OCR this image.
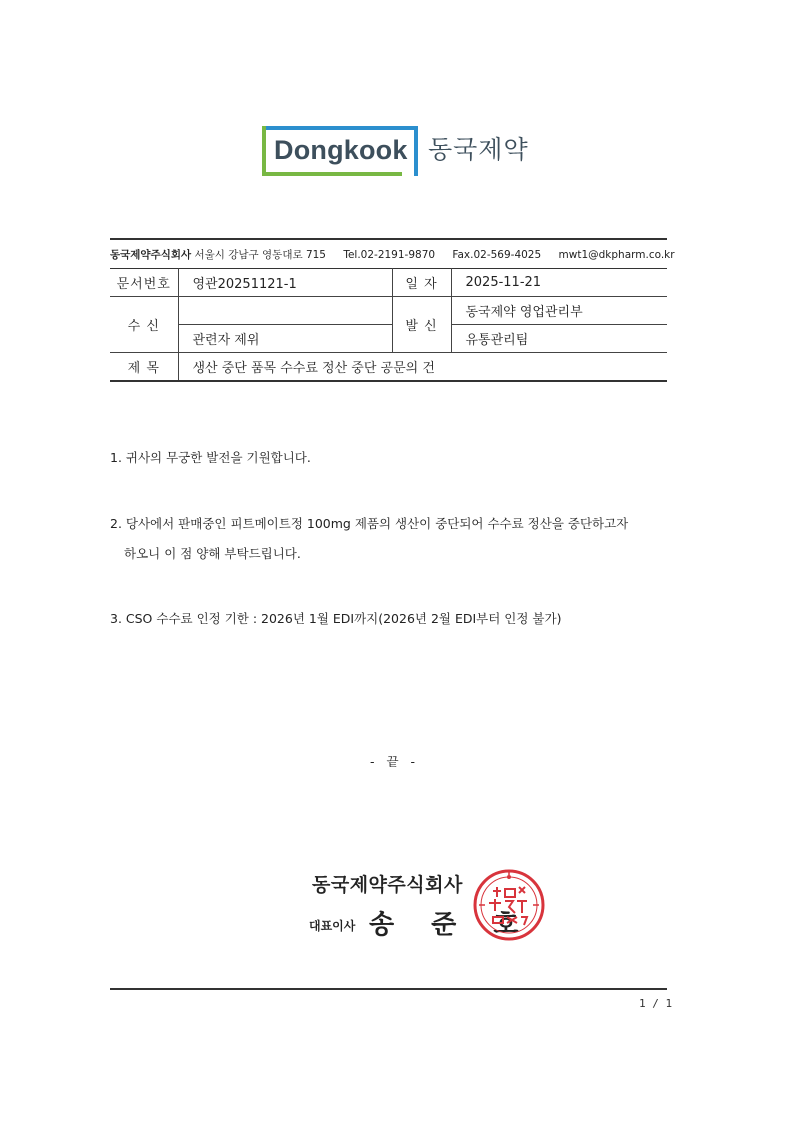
Dongkook 동국제약
동국제약주식회사 서울시 강남구 영동대로 715 Tel.02-2191-9870 Fax.02-569-4025 mwt1@dkpharm.co.kr
문서번호	영관20251121-1	일 자	2025-11-21
수 신		발 신	동국제약 영업관리부
	관련자 제위		유통관리팀
제 목	생산 중단 품목 수수료 정산 중단 공문의 건		
1. 귀사의 무궁한 발전을 기원합니다.
2. 당사에서 판매중인 피트메이트정 100mg 제품의 생산이 중단되어 수수료 정산을 중단하고자
하오니 이 점 양해 부탁드립니다.
3. CSO 수수료 인정 기한 : 2026년 1월 EDI까지(2026년 2월 EDI부터 인정 불가)
- 끝 -
동국제약주식회사
대표이사 송 준 호
1 / 1
